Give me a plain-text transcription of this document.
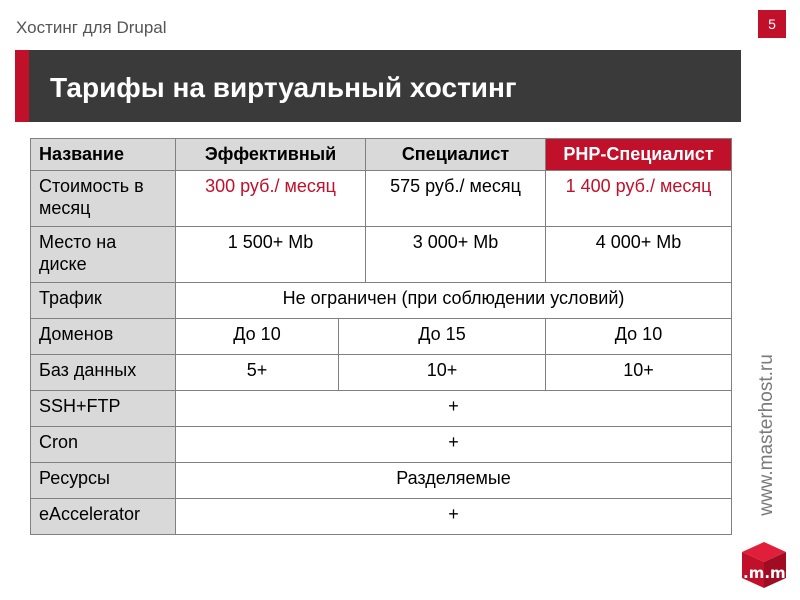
Хостинг для Drupal	5
Тарифы на виртуальный хостинг
Название	Эффективный		Специалист	PHP-Специалист
Стоимость в месяц	300 руб./ месяц		575 руб./ месяц	1 400 руб./ месяц
Место на диске	1 500+ Mb		3 000+ Mb	4 000+ Mb
Трафик	Не ограничен (при соблюдении условий)			
Доменов	До 10	До 15		До 10
Баз данных	5+	10+		10+
SSH+FTP	+			
Cron	+			
Ресурсы	Разделяемые			
eAccelerator	+				www.masterhost.ru
.m.m
